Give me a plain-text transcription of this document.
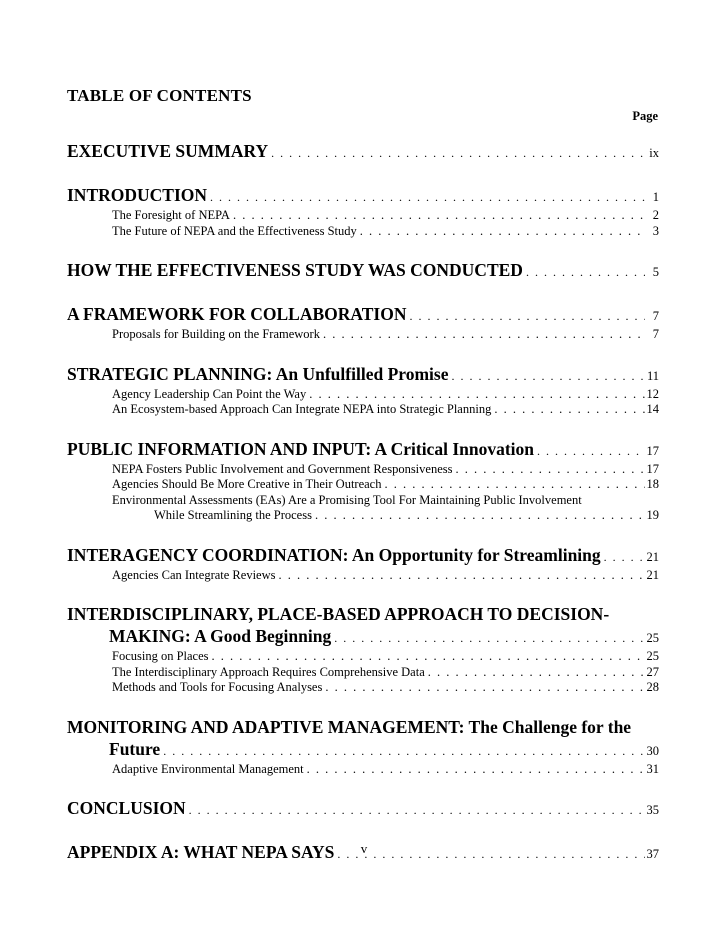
TABLE OF CONTENTS
Page
EXECUTIVE SUMMARY . . .	ix
INTRODUCTION . . .	1
The Foresight of NEPA . . .	2
The Future of NEPA and the Effectiveness Study . . .	3
HOW THE EFFECTIVENESS STUDY WAS CONDUCTED . . .	5
A FRAMEWORK FOR COLLABORATION . . .	7
Proposals for Building on the Framework . . .	7
STRATEGIC PLANNING: An Unfulfilled Promise . . .	11
Agency Leadership Can Point the Way . . .	12
An Ecosystem-based Approach Can Integrate NEPA into Strategic Planning . . .	14
PUBLIC INFORMATION AND INPUT: A Critical Innovation . . .	17
NEPA Fosters Public Involvement and Government Responsiveness . . .	17
Agencies Should Be More Creative in Their Outreach . . .	18
Environmental Assessments (EAs) Are a Promising Tool For Maintaining Public Involvement
While Streamlining the Process . . .	19
INTERAGENCY COORDINATION: An Opportunity for Streamlining . . .	21
Agencies Can Integrate Reviews . . .	21
INTERDISCIPLINARY, PLACE-BASED APPROACH TO DECISION-
MAKING: A Good Beginning . . .	25
Focusing on Places . . .	25
The Interdisciplinary Approach Requires Comprehensive Data . . .	27
Methods and Tools for Focusing Analyses . . .	28
MONITORING AND ADAPTIVE MANAGEMENT: The Challenge for the
Future . . .	30
Adaptive Environmental Management . . .	31
CONCLUSION . . .	35
APPENDIX A: WHAT NEPA SAYS . . .	37
v
